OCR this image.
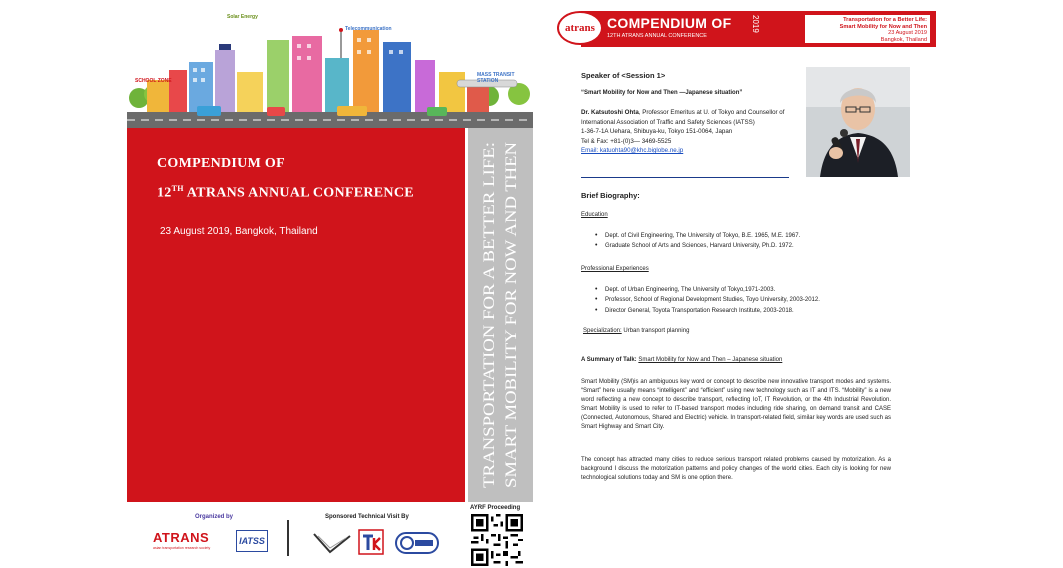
Solar Energy
Telecommunication
SCHOOL ZONE
MASS TRANSIT STATION
COMPENDIUM OF
12TH ATRANS ANNUAL CONFERENCE
23 August 2019, Bangkok, Thailand	TRANSPORTATION FOR A BETTER LIFE: SMART MOBILITY FOR NOW AND THEN
Organized by
ATRANS
asian transportation research society
IATSS
Sponsored Technical Visit By
AYRF Proceeding
atrans COMPENDIUM OF
12TH ATRANS ANNUAL CONFERENCE
2019	Transportation for a Better Life:
Smart Mobility for Now and Then
23 August 2019
Bangkok, Thailand
Speaker of <Session 1>
“Smart Mobility for Now and Then —Japanese situation”
Dr. Katsutoshi Ohta, Professor Emeritus at U. of Tokyo and Counsellor of International Association of Traffic and Safety Sciences (IATSS)
1-36-7-1A Uehara, Shibuya-ku, Tokyo 151-0064, Japan
Tel & Fax: +81-(0)3— 3469-5525
Email: katuohta90@khc.biglobe.ne.jp
Brief Biography:
Education
• Dept. of Civil Engineering, The University of Tokyo, B.E. 1965, M.E. 1967.
• Graduate School of Arts and Sciences, Harvard University, Ph.D. 1972.
Professional Experiences
• Dept. of Urban Engineering, The University of Tokyo,1971-2003.
• Professor, School of Regional Development Studies, Toyo University, 2003-2012.
• Director General, Toyota Transportation Research Institute, 2003-2018.
Specialization: Urban transport planning
A Summary of Talk: Smart Mobility for Now and Then – Japanese situation
Smart Mobility (SM)is an ambiguous key word or concept to describe new innovative transport modes and systems. “Smart” here usually means “intelligent” and “efficient” using new technology such as IT and ITS. “Mobility” is a new word reflecting a new concept to describe transport, reflecting IoT, IT Revolution, or the 4th Industrial Revolution. Smart Mobility is used to refer to IT-based transport modes including ride sharing, on demand transit and CASE (Connected, Autonomous, Shared and Electric) vehicle. In transport-related field, similar key words are used such as Smart Highway and Smart City.
The concept has attracted many cities to reduce serious transport related problems caused by motorization. As a background I discuss the motorization patterns and policy changes of the world cities. Each city is looking for new technological solutions today and SM is one option there.
